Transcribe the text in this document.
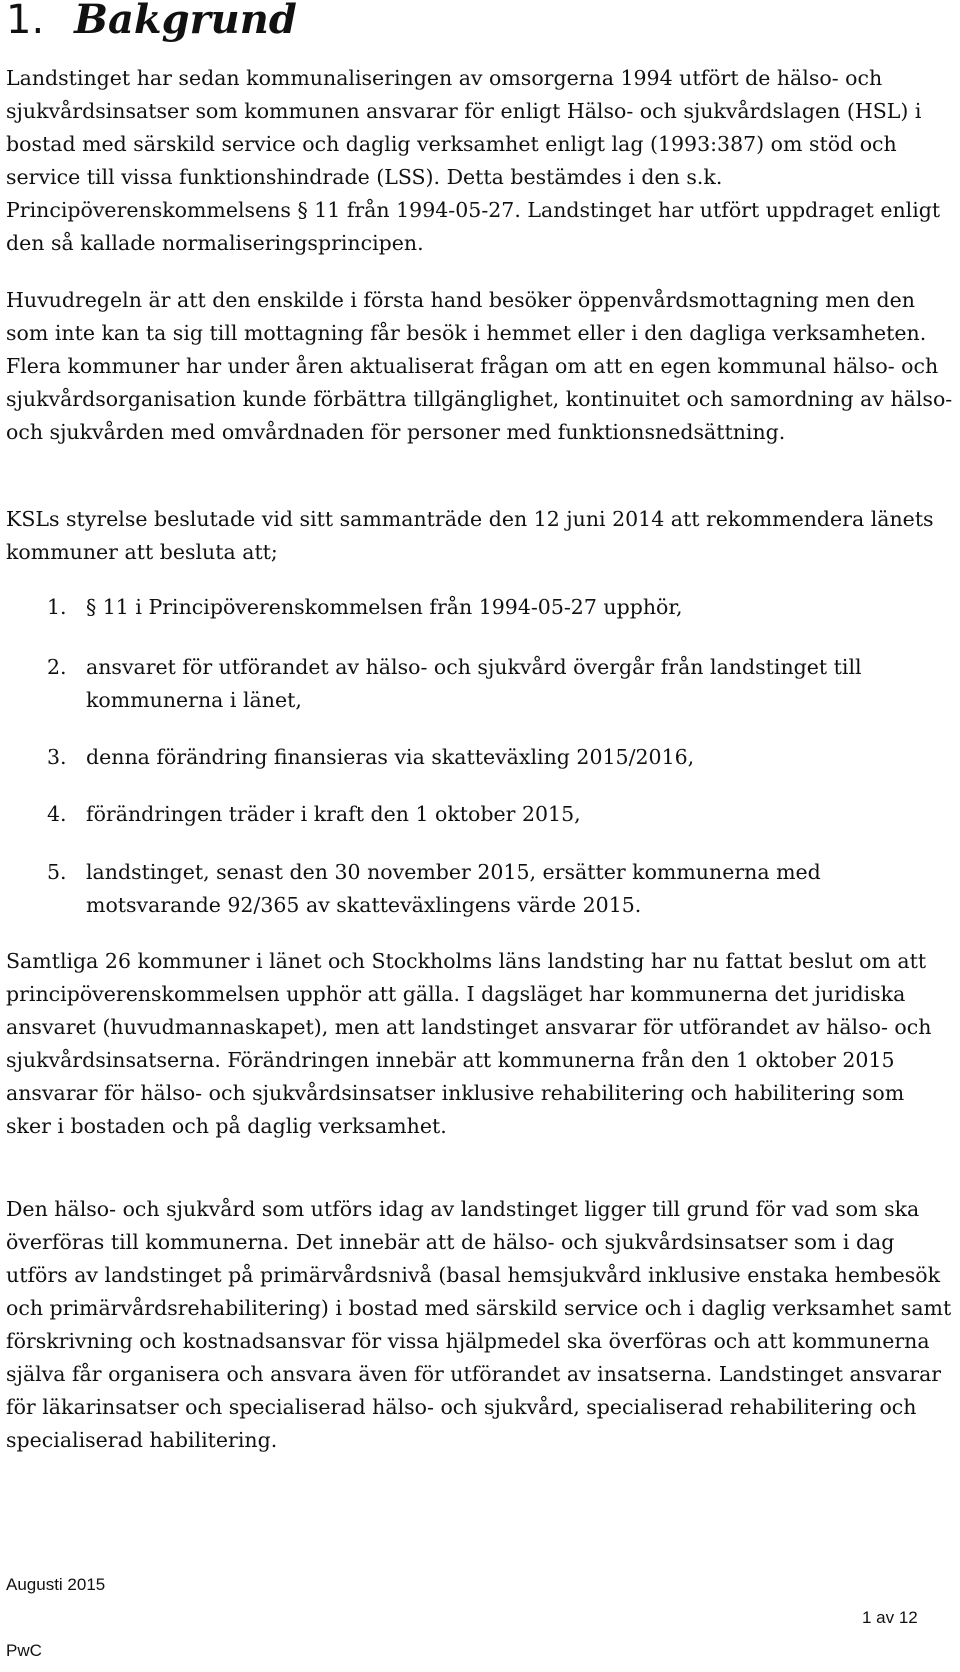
1. Bakgrund

Landstinget har sedan kommunaliseringen av omsorgerna 1994 utfört de hälso- och sjukvårdsinsatser som kommunen ansvarar för enligt Hälso- och sjukvårdslagen (HSL) i bostad med särskild service och daglig verksamhet enligt lag (1993:387) om stöd och service till vissa funktionshindrade (LSS). Detta bestämdes i den s.k. Principöverenskommelsens § 11 från 1994-05-27. Landstinget har utfört uppdraget enligt den så kallade normaliseringsprincipen.

Huvudregeln är att den enskilde i första hand besöker öppenvårdsmottagning men den som inte kan ta sig till mottagning får besök i hemmet eller i den dagliga verksamheten. Flera kommuner har under åren aktualiserat frågan om att en egen kommunal hälso- och sjukvårdsorganisation kunde förbättra tillgänglighet, kontinuitet och samordning av hälso- och sjukvården med omvårdnaden för personer med funktionsnedsättning.

KSLs styrelse beslutade vid sitt sammanträde den 12 juni 2014 att rekommendera länets kommuner att besluta att;

1. § 11 i Principöverenskommelsen från 1994-05-27 upphör,
2. ansvaret för utförandet av hälso- och sjukvård övergår från landstinget till kommunerna i länet,
3. denna förändring finansieras via skatteväxling 2015/2016,
4. förändringen träder i kraft den 1 oktober 2015,
5. landstinget, senast den 30 november 2015, ersätter kommunerna med motsvarande 92/365 av skatteväxlingens värde 2015.

Samtliga 26 kommuner i länet och Stockholms läns landsting har nu fattat beslut om att principöverenskommelsen upphör att gälla. I dagsläget har kommunerna det juridiska ansvaret (huvudmannaskapet), men att landstinget ansvarar för utförandet av hälso- och sjukvårdsinsatserna. Förändringen innebär att kommunerna från den 1 oktober 2015 ansvarar för hälso- och sjukvårdsinsatser inklusive rehabilitering och habilitering som sker i bostaden och på daglig verksamhet.

Den hälso- och sjukvård som utförs idag av landstinget ligger till grund för vad som ska överföras till kommunerna. Det innebär att de hälso- och sjukvårdsinsatser som i dag utförs av landstinget på primärvårdsnivå (basal hemsjukvård inklusive enstaka hembesök och primärvårdsrehabilitering) i bostad med särskild service och i daglig verksamhet samt förskrivning och kostnadsansvar för vissa hjälpmedel ska överföras och att kommunerna själva får organisera och ansvara även för utförandet av insatserna. Landstinget ansvarar för läkarinsatser och specialiserad hälso- och sjukvård, specialiserad rehabilitering och specialiserad habilitering.

Augusti 2015
1 av 12
PwC
